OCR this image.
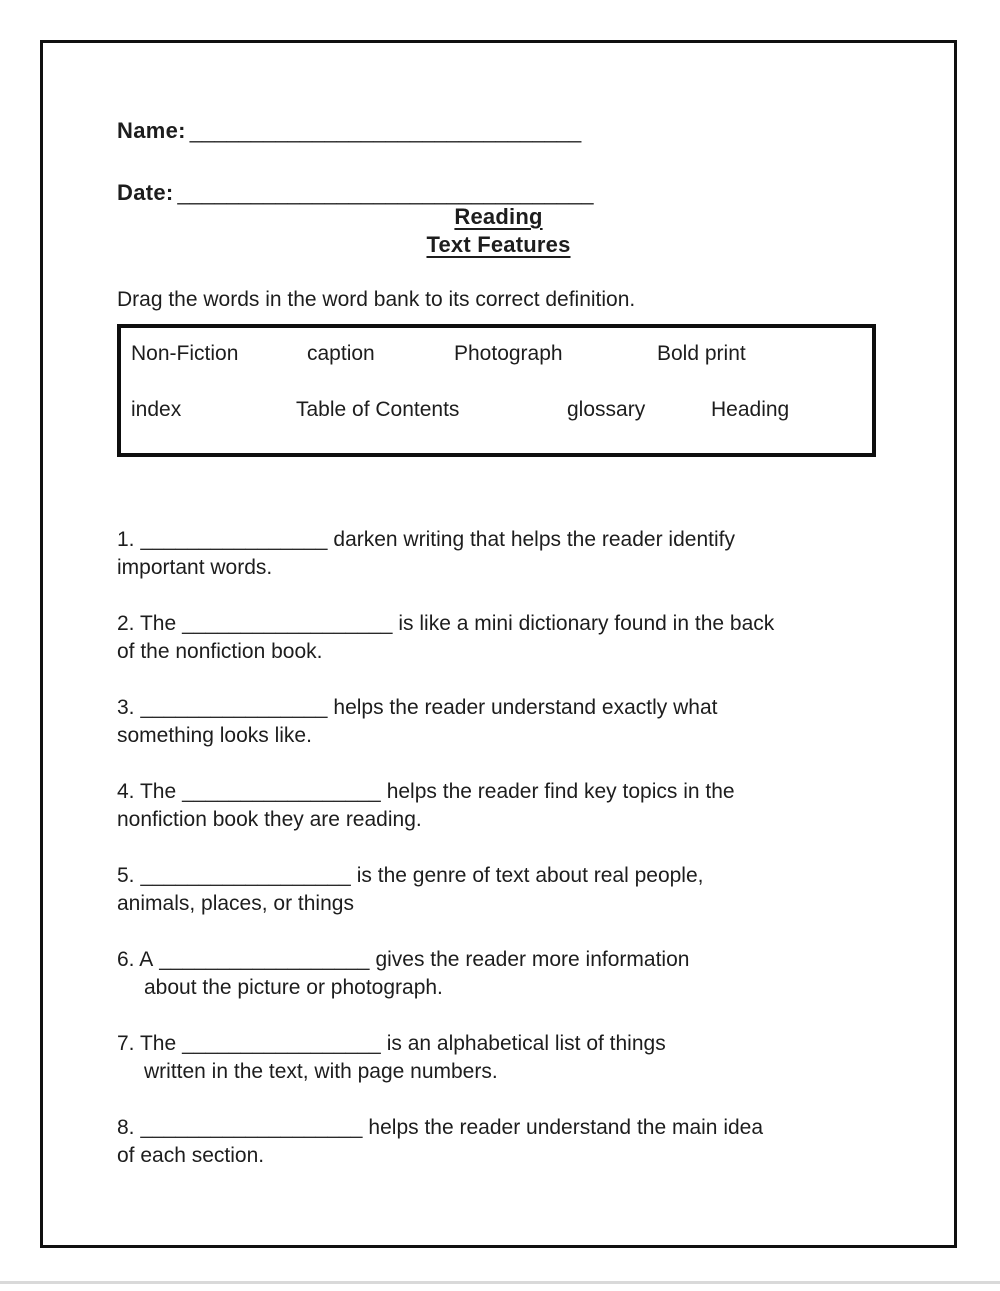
Name: ________________________________
Date: __________________________________
Reading
Text Features
Drag the words in the word bank to its correct definition.
Non-Fiction	caption	Photograph	Bold print
index	Table of Contents	glossary	Heading
1. ________________ darken writing that helps the reader identify
important words.
2. The __________________ is like a mini dictionary found in the back
of the nonfiction book.
3. ________________ helps the reader understand exactly what
something looks like.
4. The _________________ helps the reader find key topics in the
nonfiction book they are reading.
5. __________________ is the genre of text about real people,
animals, places, or things
6. A __________________ gives the reader more information
about the picture or photograph.
7. The _________________ is an alphabetical list of things
written in the text, with page numbers.
8. ___________________ helps the reader understand the main idea
of each section.
